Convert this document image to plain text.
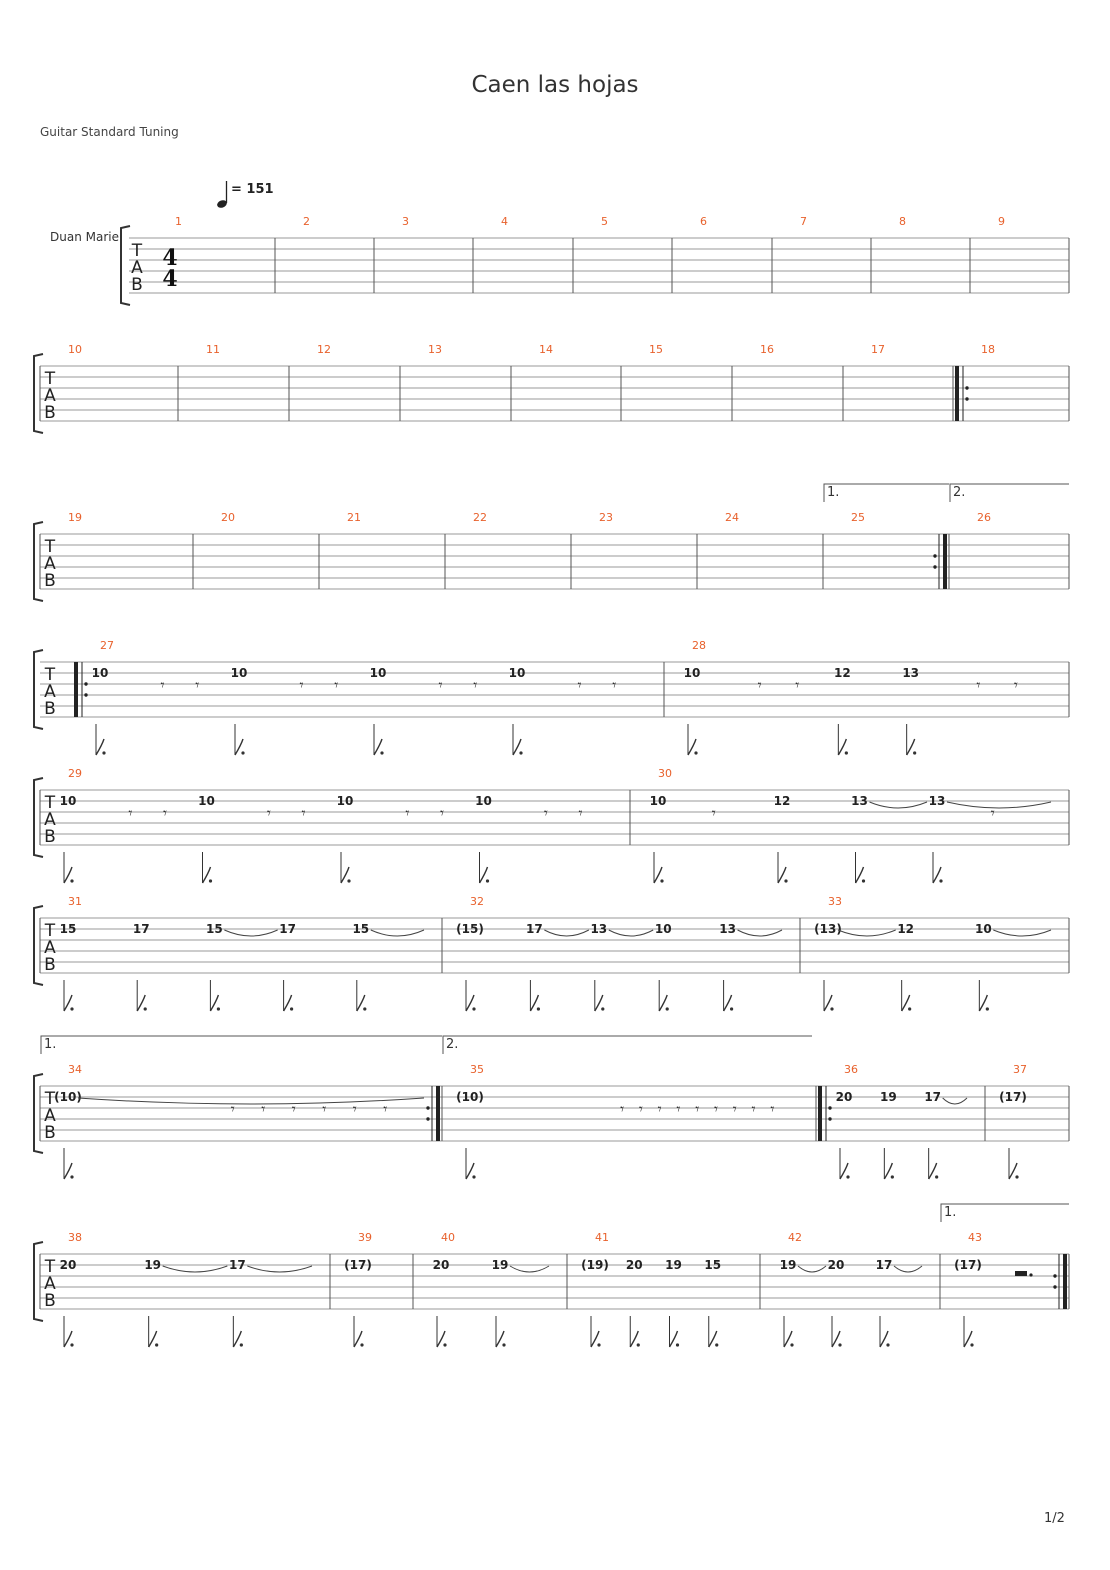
Caen las hojas
Guitar Standard Tuning
1/2
T
A
B
1	2	3	4	5	6	7	8	9
T
A
B
10	11	12	13	14	15	16	17	18
T
A
B
19	20	21	22	23	24	25
1.
26
2.
T
A
B
27
10
𝄾 𝄾
10
𝄾 𝄾
10
𝄾 𝄾
10
𝄾 𝄾
28
10
𝄾 𝄾
12	13
𝄾 𝄾
T
A
B
29
10
𝄾 𝄾
10
𝄾 𝄾
10
𝄾 𝄾
10
𝄾 𝄾
30
10
𝄾
12	13	13
𝄾
T
A
B
31
15	17	15	17	15
32
(15)	17	13	10	13
33
(13)	12	10
T
A
B
34
1.
(10)
𝄾 𝄾 𝄾 𝄾 𝄾 𝄾
35
2.
(10)
𝄾 𝄾 𝄾 𝄾 𝄾 𝄾 𝄾 𝄾 𝄾
36
20 19 17
37
(17)
T
A
B
38
20	19	17
39
(17)
40
20	19
41
(19) 20 19 15
42
19	20	17
43
1.
(17)
Duan Marie
= 151
4
4
